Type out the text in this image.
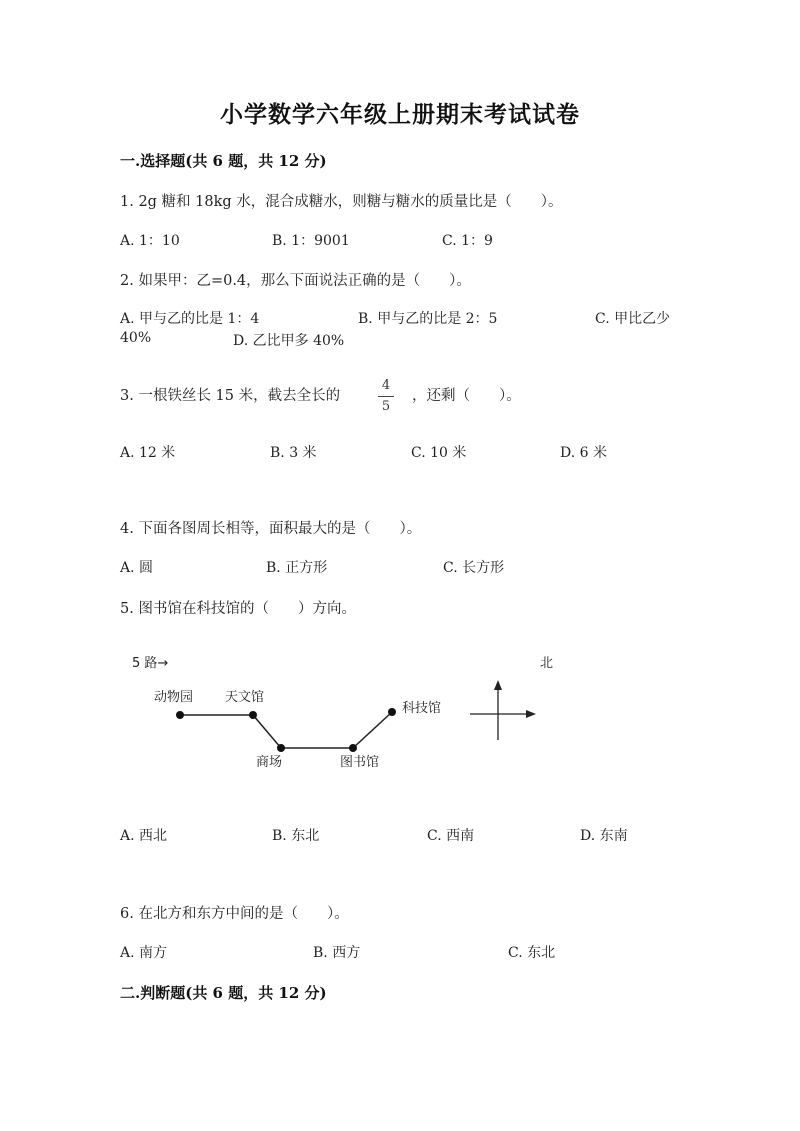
小学数学六年级上册期末考试试卷
一.选择题(共 6 题，共 12 分)
1. 2g 糖和 18kg 水，混合成糖水，则糖与糖水的质量比是（　　）。
A. 1：10	B. 1：9001	C. 1：9
2. 如果甲：乙=0.4，那么下面说法正确的是（　　）。
A. 甲与乙的比是 1：4	B. 甲与乙的比是 2：5	C. 甲比乙少
40%	D. 乙比甲多 40%
3. 一根铁丝长 15 米，截去全长的	$\frac{4}{5}$ ，还剩（　　）。
A. 12 米	B. 3 米	C. 10 米	D. 6 米
4. 下面各图周长相等，面积最大的是（　　）。
A. 圆	B. 正方形	C. 长方形
5. 图书馆在科技馆的（　　）方向。
5 路→	北
动物园 天文馆
商场	图书馆
科技馆
A. 西北	B. 东北	C. 西南	D. 东南
6. 在北方和东方中间的是（　　）。
A. 南方	B. 西方	C. 东北
二.判断题(共 6 题，共 12 分)
